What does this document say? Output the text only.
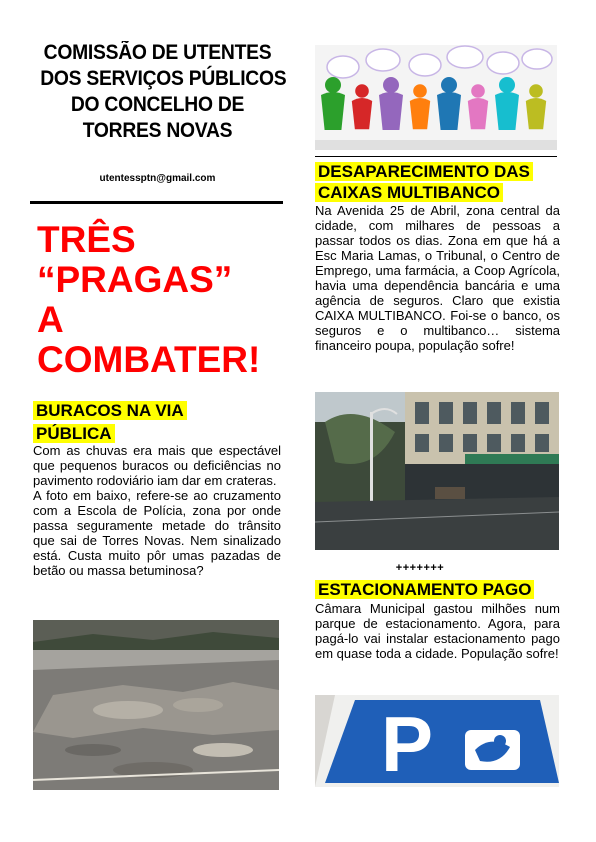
COMISSÃO DE UTENTES
DOS SERVIÇOS PÚBLICOS
DO CONCELHO DE
TORRES NOVAS
utentessptn@gmail.com
TRÊS
“PRAGAS”
A
COMBATER!
BURACOS NA VIA
PÚBLICA
Com as chuvas era mais que espectável que pequenos buracos ou deficiências no pavimento rodoviário iam dar em crateras.
A foto em baixo, refere-se ao cruzamento com a Escola de Polícia, zona por onde passa seguramente metade do trânsito que sai de Torres Novas. Nem sinalizado está. Custa muito pôr umas pazadas de betão ou massa betuminosa?
DESAPARECIMENTO DAS
CAIXAS MULTIBANCO
Na Avenida 25 de Abril, zona central da cidade, com milhares de pessoas a passar todos os dias. Zona em que há a Esc Maria Lamas, o Tribunal, o Centro de Emprego, uma farmácia, a Coop Agrícola, havia uma dependência bancária e uma agência de seguros. Claro que existia CAIXA MULTIBANCO. Foi-se o banco, os seguros e o multibanco… sistema financeiro poupa, população sofre!
+++++++
ESTACIONAMENTO PAGO
Câmara Municipal gastou milhões num parque de estacionamento. Agora, para pagá-lo vai instalar estacionamento pago em quase toda a cidade. População sofre!
P
